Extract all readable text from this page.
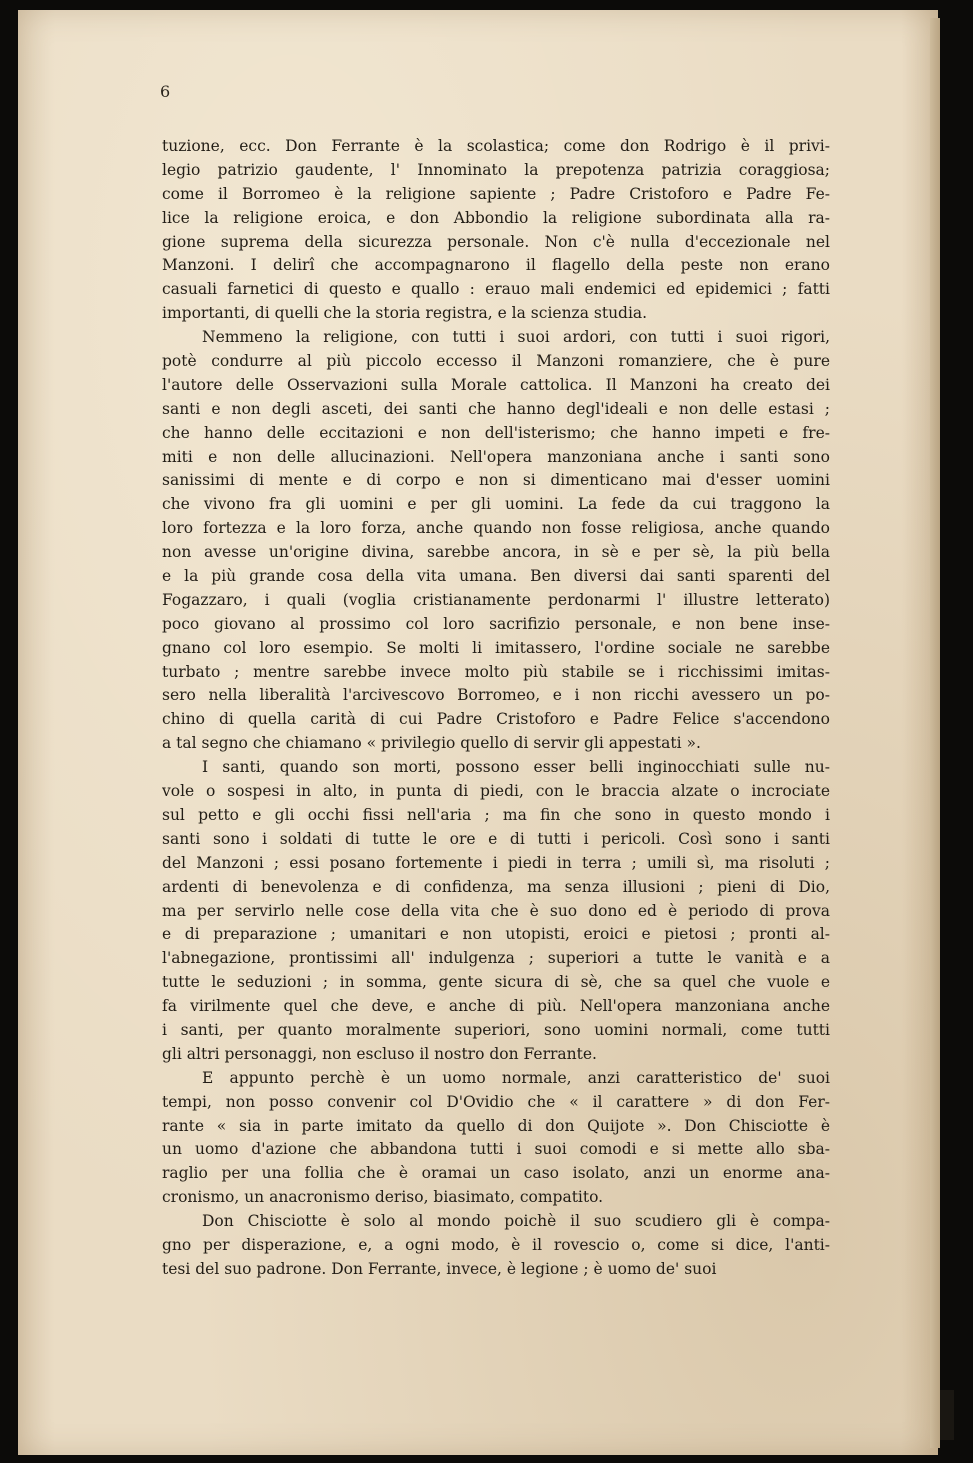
6
tuzione, ecc. Don Ferrante è la scolastica; come don Rodrigo è il privi-
legio patrizio gaudente, l' Innominato la prepotenza patrizia coraggiosa;
come il Borromeo è la religione sapiente ; Padre Cristoforo e Padre Fe-
lice la religione eroica, e don Abbondio la religione subordinata alla ra-
gione suprema della sicurezza personale. Non c'è nulla d'eccezionale nel
Manzoni. I delirî che accompagnarono il flagello della peste non erano
casuali farnetici di questo e quallo : erauo mali endemici ed epidemici ; fatti
importanti, di quelli che la storia registra, e la scienza studia.
Nemmeno la religione, con tutti i suoi ardori, con tutti i suoi rigori,
potè condurre al più piccolo eccesso il Manzoni romanziere, che è pure
l'autore delle Osservazioni sulla Morale cattolica. Il Manzoni ha creato dei
santi e non degli asceti, dei santi che hanno degl'ideali e non delle estasi ;
che hanno delle eccitazioni e non dell'isterismo; che hanno impeti e fre-
miti e non delle allucinazioni. Nell'opera manzoniana anche i santi sono
sanissimi di mente e di corpo e non si dimenticano mai d'esser uomini
che vivono fra gli uomini e per gli uomini. La fede da cui traggono la
loro fortezza e la loro forza, anche quando non fosse religiosa, anche quando
non avesse un'origine divina, sarebbe ancora, in sè e per sè, la più bella
e la più grande cosa della vita umana. Ben diversi dai santi sparenti del
Fogazzaro, i quali (voglia cristianamente perdonarmi l' illustre letterato)
poco giovano al prossimo col loro sacrifizio personale, e non bene inse-
gnano col loro esempio. Se molti li imitassero, l'ordine sociale ne sarebbe
turbato ; mentre sarebbe invece molto più stabile se i ricchissimi imitas-
sero nella liberalità l'arcivescovo Borromeo, e i non ricchi avessero un po-
chino di quella carità di cui Padre Cristoforo e Padre Felice s'accendono
a tal segno che chiamano « privilegio quello di servir gli appestati ».
I santi, quando son morti, possono esser belli inginocchiati sulle nu-
vole o sospesi in alto, in punta di piedi, con le braccia alzate o incrociate
sul petto e gli occhi fissi nell'aria ; ma fin che sono in questo mondo i
santi sono i soldati di tutte le ore e di tutti i pericoli. Così sono i santi
del Manzoni ; essi posano fortemente i piedi in terra ; umili sì, ma risoluti ;
ardenti di benevolenza e di confidenza, ma senza illusioni ; pieni di Dio,
ma per servirlo nelle cose della vita che è suo dono ed è periodo di prova
e di preparazione ; umanitari e non utopisti, eroici e pietosi ; pronti al-
l'abnegazione, prontissimi all' indulgenza ; superiori a tutte le vanità e a
tutte le seduzioni ; in somma, gente sicura di sè, che sa quel che vuole e
fa virilmente quel che deve, e anche di più. Nell'opera manzoniana anche
i santi, per quanto moralmente superiori, sono uomini normali, come tutti
gli altri personaggi, non escluso il nostro don Ferrante.
E appunto perchè è un uomo normale, anzi caratteristico de' suoi
tempi, non posso convenir col D'Ovidio che « il carattere » di don Fer-
rante « sia in parte imitato da quello di don Quijote ». Don Chisciotte è
un uomo d'azione che abbandona tutti i suoi comodi e si mette allo sba-
raglio per una follia che è oramai un caso isolato, anzi un enorme ana-
cronismo, un anacronismo deriso, biasimato, compatito.
Don Chisciotte è solo al mondo poichè il suo scudiero gli è compa-
gno per disperazione, e, a ogni modo, è il rovescio o, come si dice, l'anti-
tesi del suo padrone. Don Ferrante, invece, è legione ; è uomo de' suoi
